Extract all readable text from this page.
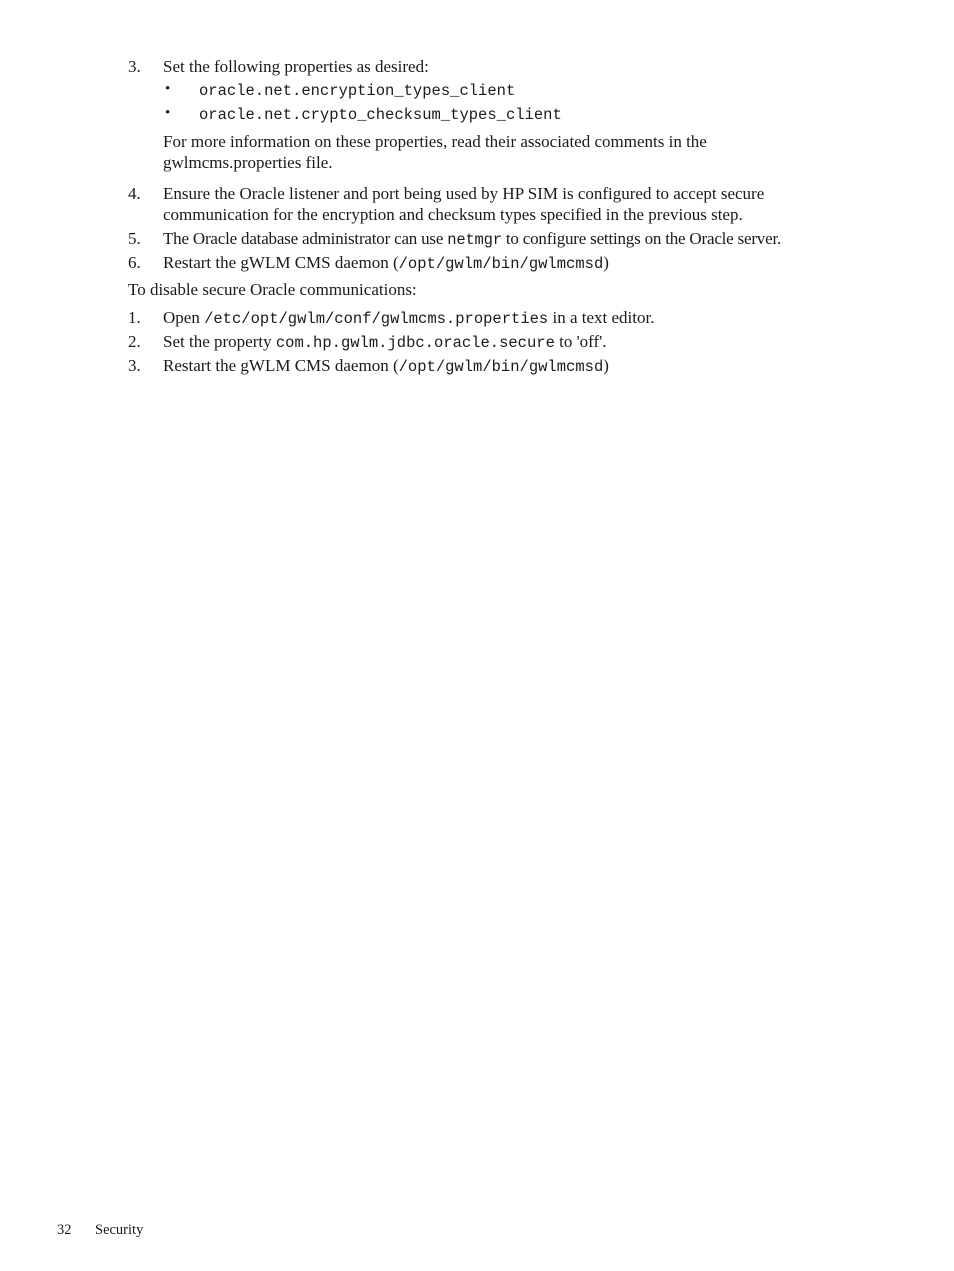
3. Set the following properties as desired:
• oracle.net.encryption_types_client
• oracle.net.crypto_checksum_types_client
For more information on these properties, read their associated comments in the
gwlmcms.properties file.
4. Ensure the Oracle listener and port being used by HP SIM is configured to accept secure
communication for the encryption and checksum types specified in the previous step.
5. The Oracle database administrator can use netmgr to configure settings on the Oracle server.
6. Restart the gWLM CMS daemon (/opt/gwlm/bin/gwlmcmsd)
To disable secure Oracle communications:
1. Open /etc/opt/gwlm/conf/gwlmcms.properties in a text editor.
2. Set the property com.hp.gwlm.jdbc.oracle.secure to 'off'.
3. Restart the gWLM CMS daemon (/opt/gwlm/bin/gwlmcmsd)
32 Security
